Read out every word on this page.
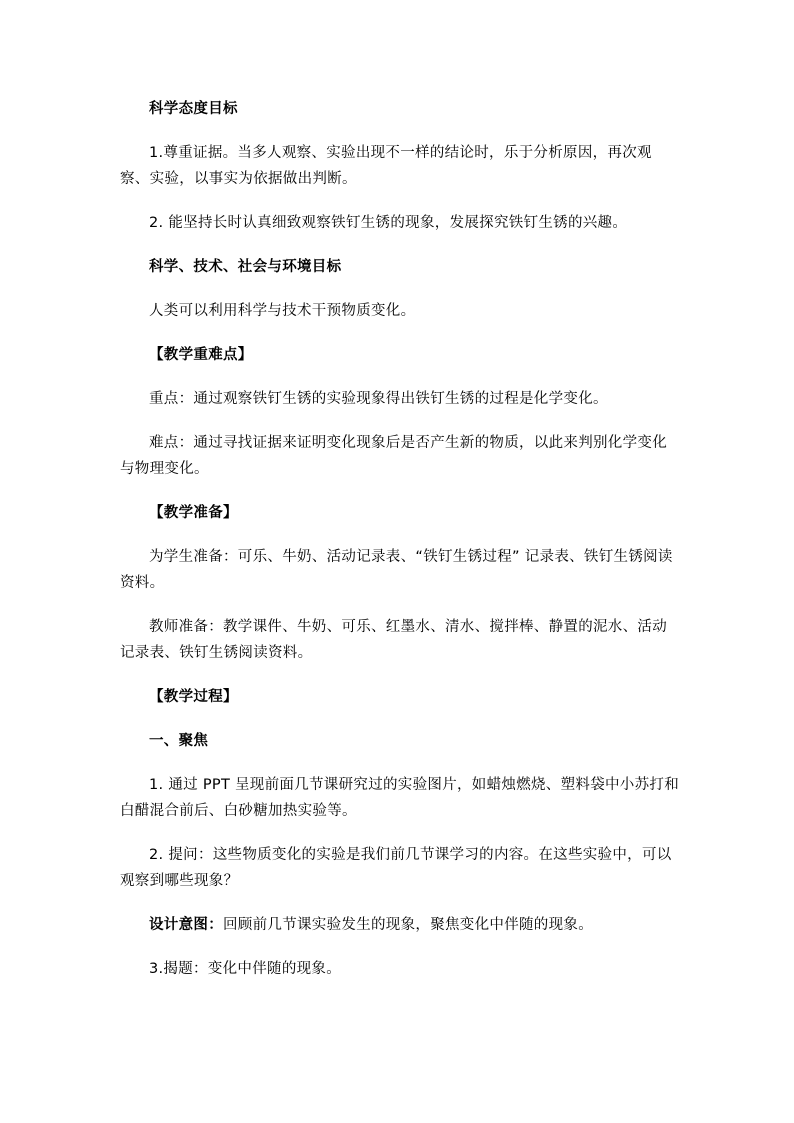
科学态度目标

1.尊重证据。当多人观察、实验出现不一样的结论时，乐于分析原因，再次观察、实验，以事实为依据做出判断。

2. 能坚持长时认真细致观察铁钉生锈的现象，发展探究铁钉生锈的兴趣。

科学、技术、社会与环境目标

人类可以利用科学与技术干预物质变化。

【教学重难点】

重点：通过观察铁钉生锈的实验现象得出铁钉生锈的过程是化学变化。

难点：通过寻找证据来证明变化现象后是否产生新的物质，以此来判别化学变化与物理变化。

【教学准备】

为学生准备：可乐、牛奶、活动记录表、“铁钉生锈过程” 记录表、铁钉生锈阅读资料。

教师准备：教学课件、牛奶、可乐、红墨水、清水、搅拌棒、静置的泥水、活动记录表、铁钉生锈阅读资料。

【教学过程】

一、聚焦

1. 通过 PPT 呈现前面几节课研究过的实验图片，如蜡烛燃烧、塑料袋中小苏打和白醋混合前后、白砂糖加热实验等。

2. 提问：这些物质变化的实验是我们前几节课学习的内容。在这些实验中，可以观察到哪些现象？

设计意图：回顾前几节课实验发生的现象，聚焦变化中伴随的现象。

3.揭题：变化中伴随的现象。
